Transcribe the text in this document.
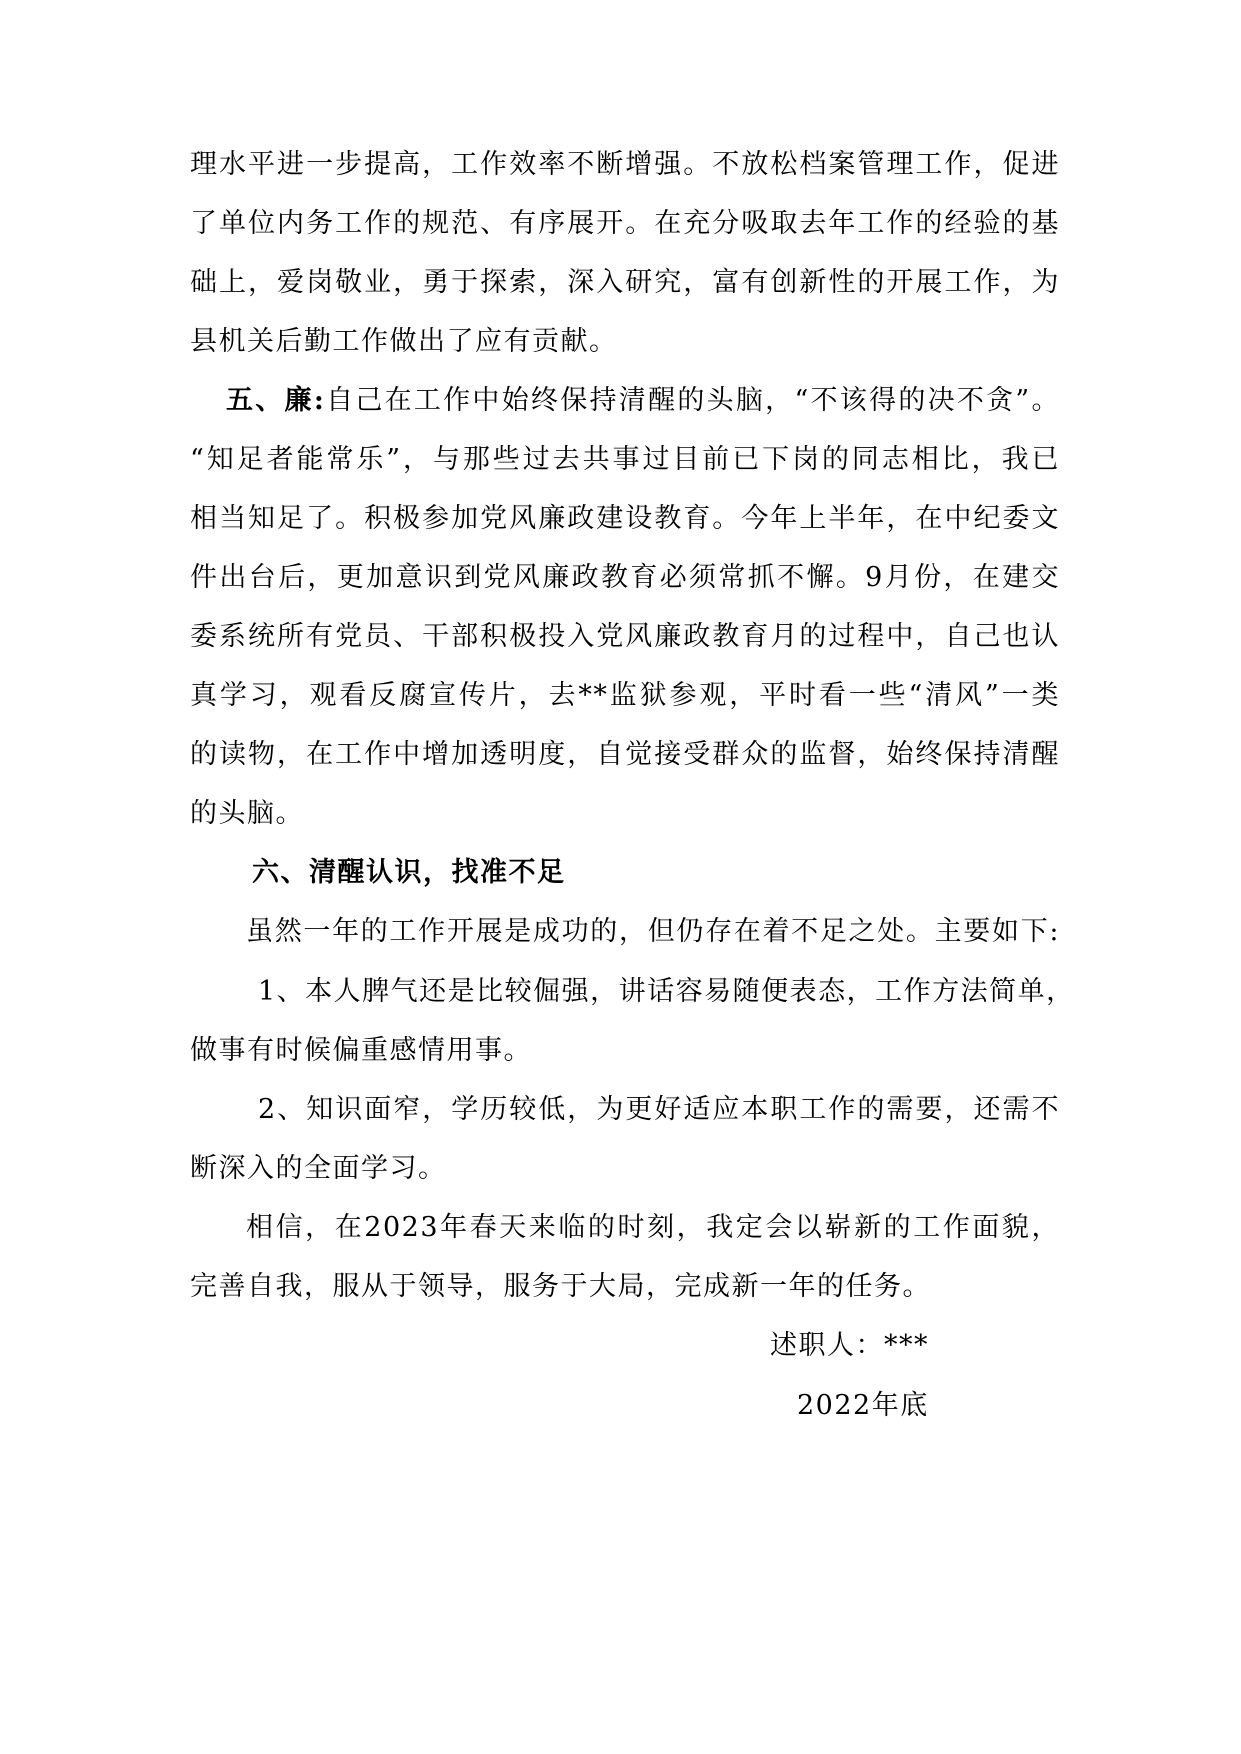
理水平进一步提高，工作效率不断增强。不放松档案管理工作，促进
了单位内务工作的规范、有序展开。在充分吸取去年工作的经验的基
础上，爱岗敬业，勇于探索，深入研究，富有创新性的开展工作，为
县机关后勤工作做出了应有贡献。
五、廉:自己在工作中始终保持清醒的头脑，“不该得的决不贪”。
“知足者能常乐”，与那些过去共事过目前已下岗的同志相比，我已
相当知足了。积极参加党风廉政建设教育。今年上半年，在中纪委文
件出台后，更加意识到党风廉政教育必须常抓不懈。9月份，在建交
委系统所有党员、干部积极投入党风廉政教育月的过程中，自己也认
真学习，观看反腐宣传片，去**监狱参观，平时看一些“清风”一类
的读物，在工作中增加透明度，自觉接受群众的监督，始终保持清醒
的头脑。
六、清醒认识，找准不足
虽然一年的工作开展是成功的，但仍存在着不足之处。主要如下:
1、本人脾气还是比较倔强，讲话容易随便表态，工作方法简单，
做事有时候偏重感情用事。
2、知识面窄，学历较低，为更好适应本职工作的需要，还需不
断深入的全面学习。
相信，在2023年春天来临的时刻，我定会以崭新的工作面貌，
完善自我，服从于领导，服务于大局，完成新一年的任务。
述职人：***
2022年底
